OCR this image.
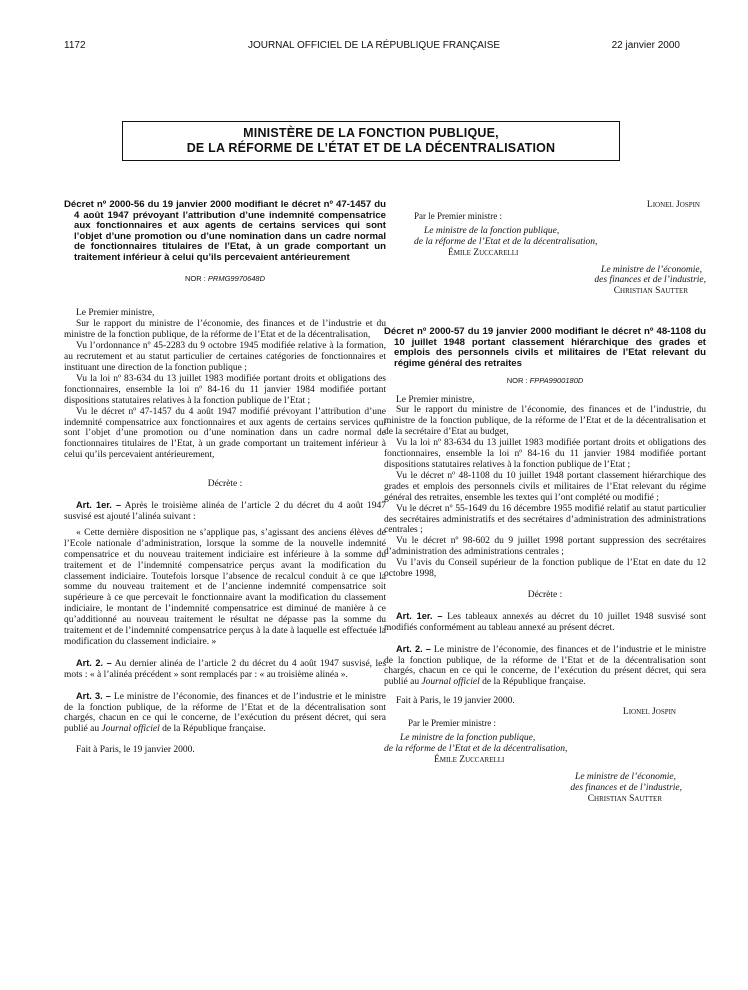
1172	JOURNAL OFFICIEL DE LA RÉPUBLIQUE FRANÇAISE	22 janvier 2000
MINISTÈRE DE LA FONCTION PUBLIQUE,
DE LA RÉFORME DE L’ÉTAT ET DE LA DÉCENTRALISATION
Décret nº 2000-56 du 19 janvier 2000 modifiant le décret nº 47-1457 du 4 août 1947 prévoyant l’attribution d’une indemnité compensatrice aux fonctionnaires et aux agents de certains services qui sont l’objet d’une promotion ou d’une nomination dans un cadre normal de fonctionnaires titulaires de l’Etat, à un grade comportant un traitement inférieur à celui qu’ils percevaient antérieurement
NOR : PRMG9970648D

Le Premier ministre,

Sur le rapport du ministre de l’économie, des finances et de l’industrie et du ministre de la fonction publique, de la réforme de l’Etat et de la décentralisation,

Vu l’ordonnance nº 45-2283 du 9 octobre 1945 modifiée relative à la formation, au recrutement et au statut particulier de certaines catégories de fonctionnaires et instituant une direction de la fonction publique ;

Vu la loi nº 83-634 du 13 juillet 1983 modifiée portant droits et obligations des fonctionnaires, ensemble la loi nº 84-16 du 11 janvier 1984 modifiée portant dispositions statutaires relatives à la fonction publique de l’Etat ;

Vu le décret nº 47-1457 du 4 août 1947 modifié prévoyant l’attribution d’une indemnité compensatrice aux fonctionnaires et aux agents de certains services qui sont l’objet d’une promotion ou d’une nomination dans un cadre normal de fonctionnaires titulaires de l’Etat, à un grade comportant un traitement inférieur à celui qu’ils percevaient antérieurement,

Décrète :

Art. 1er. – Après le troisième alinéa de l’article 2 du décret du 4 août 1947 susvisé est ajouté l’alinéa suivant :

« Cette dernière disposition ne s’applique pas, s’agissant des anciens élèves de l’Ecole nationale d’administration, lorsque la somme de la nouvelle indemnité compensatrice et du nouveau traitement indiciaire est inférieure à la somme du traitement et de l’indemnité compensatrice perçus avant la modification du classement indiciaire. Toutefois lorsque l’absence de recalcul conduit à ce que la somme du nouveau traitement et de l’ancienne indemnité compensatrice soit supérieure à ce que percevait le fonctionnaire avant la modification du classement indiciaire, le montant de l’indemnité compensatrice est diminué de manière à ce qu’additionné au nouveau traitement le résultat ne dépasse pas la somme du traitement et de l’indemnité compensatrice perçus à la date à laquelle est effectuée la modification du classement indiciaire. »

Art. 2. – Au dernier alinéa de l’article 2 du décret du 4 août 1947 susvisé, les mots : « à l’alinéa précédent » sont remplacés par : « au troisième alinéa ».

Art. 3. – Le ministre de l’économie, des finances et de l’industrie et le ministre de la fonction publique, de la réforme de l’Etat et de la décentralisation sont chargés, chacun en ce qui le concerne, de l’exécution du présent décret, qui sera publié au Journal officiel de la République française.

Fait à Paris, le 19 janvier 2000.

Lionel Jospin

Par le Premier ministre :

Le ministre de la fonction publique,

de la réforme de l’Etat et de la décentralisation,

Émile Zuccarelli

Le ministre de l’économie,

des finances et de l’industrie,

Christian Sautter

Décret nº 2000-57 du 19 janvier 2000 modifiant le décret nº 48-1108 du 10 juillet 1948 portant classement hiérarchique des grades et emplois des personnels civils et militaires de l’Etat relevant du régime général des retraites
NOR : FPPA9900180D

Le Premier ministre,

Sur le rapport du ministre de l’économie, des finances et de l’industrie, du ministre de la fonction publique, de la réforme de l’Etat et de la décentralisation et de la secrétaire d’Etat au budget,

Vu la loi nº 83-634 du 13 juillet 1983 modifiée portant droits et obligations des fonctionnaires, ensemble la loi nº 84-16 du 11 janvier 1984 modifiée portant dispositions statutaires relatives à la fonction publique de l’Etat ;

Vu le décret nº 48-1108 du 10 juillet 1948 portant classement hiérarchique des grades et emplois des personnels civils et militaires de l’Etat relevant du régime général des retraites, ensemble les textes qui l’ont complété ou modifié ;

Vu le décret nº 55-1649 du 16 décembre 1955 modifié relatif au statut particulier des secrétaires administratifs et des secrétaires d’administration des administrations centrales ;

Vu le décret nº 98-602 du 9 juillet 1998 portant suppression des secrétaires d’administration des administrations centrales ;

Vu l’avis du Conseil supérieur de la fonction publique de l’Etat en date du 12 octobre 1998,

Décrète :

Art. 1er. – Les tableaux annexés au décret du 10 juillet 1948 susvisé sont modifiés conformément au tableau annexé au présent décret.

Art. 2. – Le ministre de l’économie, des finances et de l’industrie et le ministre de la fonction publique, de la réforme de l’Etat et de la décentralisation sont chargés, chacun en ce qui le concerne, de l’exécution du présent décret, qui sera publié au Journal officiel de la République française.

Fait à Paris, le 19 janvier 2000.

Lionel Jospin

Par le Premier ministre :

Le ministre de la fonction publique,

de la réforme de l’Etat et de la décentralisation,

Émile Zuccarelli

Le ministre de l’économie,

des finances et de l’industrie,

Christian Sautter
